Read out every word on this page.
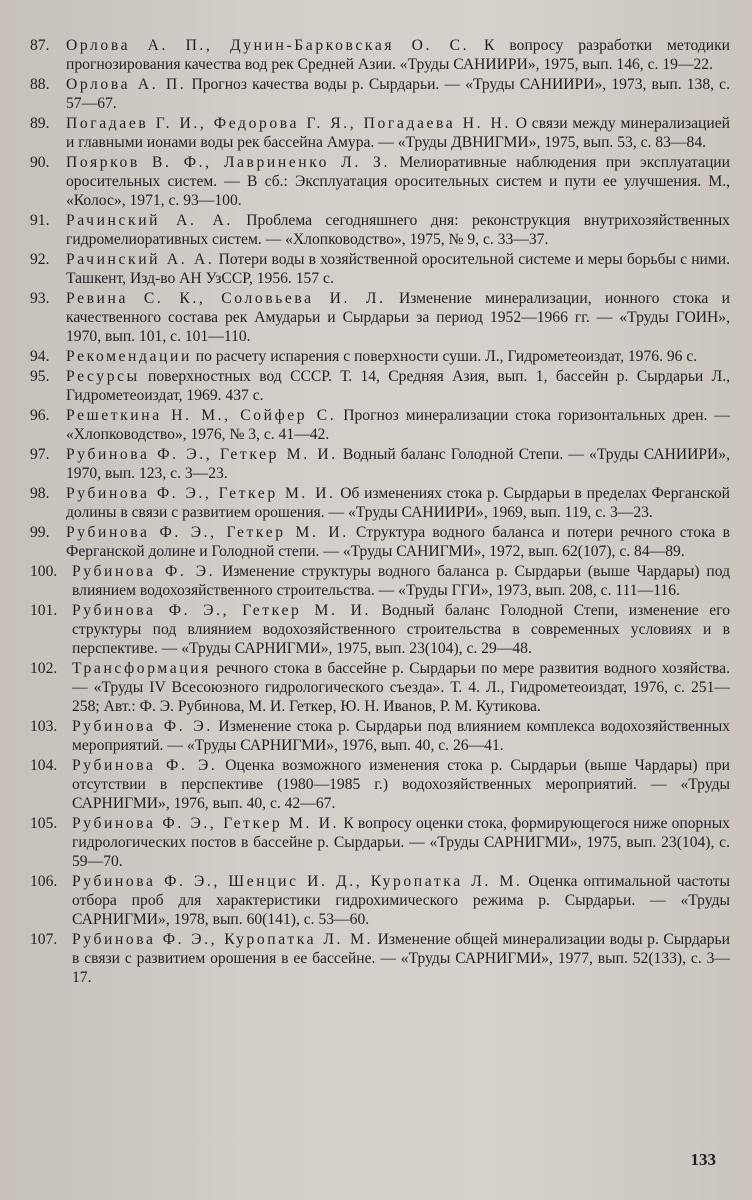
87. Орлова А. П., Дунин-Барковская О. С. К вопросу разработки методики прогнозирования качества вод рек Средней Азии. «Труды САНИИРИ», 1975, вып. 146, с. 19—22.
88. Орлова А. П. Прогноз качества воды р. Сырдарьи. — «Труды САНИИРИ», 1973, вып. 138, с. 57—67.
89. Погадаев Г. И., Федорова Г. Я., Погадаева Н. Н. О связи между минерализацией и главными ионами воды рек бассейна Амура. — «Труды ДВНИГМИ», 1975, вып. 53, с. 83—84.
90. Поярков В. Ф., Лавриненко Л. З. Мелиоративные наблюдения при эксплуатации оросительных систем. — В сб.: Эксплуатация оросительных систем и пути ее улучшения. М., «Колос», 1971, с. 93—100.
91. Рачинский А. А. Проблема сегодняшнего дня: реконструкция внутрихозяйственных гидромелиоративных систем. — «Хлопководство», 1975, № 9, с. 33—37.
92. Рачинский А. А. Потери воды в хозяйственной оросительной системе и меры борьбы с ними. Ташкент, Изд-во АН УзССР, 1956. 157 с.
93. Ревина С. К., Соловьева И. Л. Изменение минерализации, ионного стока и качественного состава рек Амударьи и Сырдарьи за период 1952—1966 гг. — «Труды ГОИН», 1970, вып. 101, с. 101—110.
94. Рекомендации по расчету испарения с поверхности суши. Л., Гидрометеоиздат, 1976. 96 с.
95. Ресурсы поверхностных вод СССР. Т. 14, Средняя Азия, вып. 1, бассейн р. Сырдарьи Л., Гидрометеоиздат, 1969. 437 с.
96. Решеткина Н. М., Сойфер С. Прогноз минерализации стока горизонтальных дрен. — «Хлопководство», 1976, № 3, с. 41—42.
97. Рубинова Ф. Э., Геткер М. И. Водный баланс Голодной Степи. — «Труды САНИИРИ», 1970, вып. 123, с. 3—23.
98. Рубинова Ф. Э., Геткер М. И. Об изменениях стока р. Сырдарьи в пределах Ферганской долины в связи с развитием орошения. — «Труды САНИИРИ», 1969, вып. 119, с. 3—23.
99. Рубинова Ф. Э., Геткер М. И. Структура водного баланса и потери речного стока в Ферганской долине и Голодной степи. — «Труды САНИГМИ», 1972, вып. 62(107), с. 84—89.
100. Рубинова Ф. Э. Изменение структуры водного баланса р. Сырдарьи (выше Чардары) под влиянием водохозяйственного строительства. — «Труды ГГИ», 1973, вып. 208, с. 111—116.
101. Рубинова Ф. Э., Геткер М. И. Водный баланс Голодной Степи, изменение его структуры под влиянием водохозяйственного строительства в современных условиях и в перспективе. — «Труды САРНИГМИ», 1975, вып. 23(104), с. 29—48.
102. Трансформация речного стока в бассейне р. Сырдарьи по мере развития водного хозяйства. — «Труды IV Всесоюзного гидрологического съезда». Т. 4. Л., Гидрометеоиздат, 1976, с. 251—258; Авт.: Ф. Э. Рубинова, М. И. Геткер, Ю. Н. Иванов, Р. М. Кутикова.
103. Рубинова Ф. Э. Изменение стока р. Сырдарьи под влиянием комплекса водохозяйственных мероприятий. — «Труды САРНИГМИ», 1976, вып. 40, с. 26—41.
104. Рубинова Ф. Э. Оценка возможного изменения стока р. Сырдарьи (выше Чардары) при отсутствии в перспективе (1980—1985 г.) водохозяйственных мероприятий. — «Труды САРНИГМИ», 1976, вып. 40, с. 42—67.
105. Рубинова Ф. Э., Геткер М. И. К вопросу оценки стока, формирующегося ниже опорных гидрологических постов в бассейне р. Сырдарьи. — «Труды САРНИГМИ», 1975, вып. 23(104), с. 59—70.
106. Рубинова Ф. Э., Шенцис И. Д., Куропатка Л. М. Оценка оптимальной частоты отбора проб для характеристики гидрохимического режима р. Сырдарьи. — «Труды САРНИГМИ», 1978, вып. 60(141), с. 53—60.
107. Рубинова Ф. Э., Куропатка Л. М. Изменение общей минерализации воды р. Сырдарьи в связи с развитием орошения в ее бассейне. — «Труды САРНИГМИ», 1977, вып. 52(133), с. 3—17.
133
